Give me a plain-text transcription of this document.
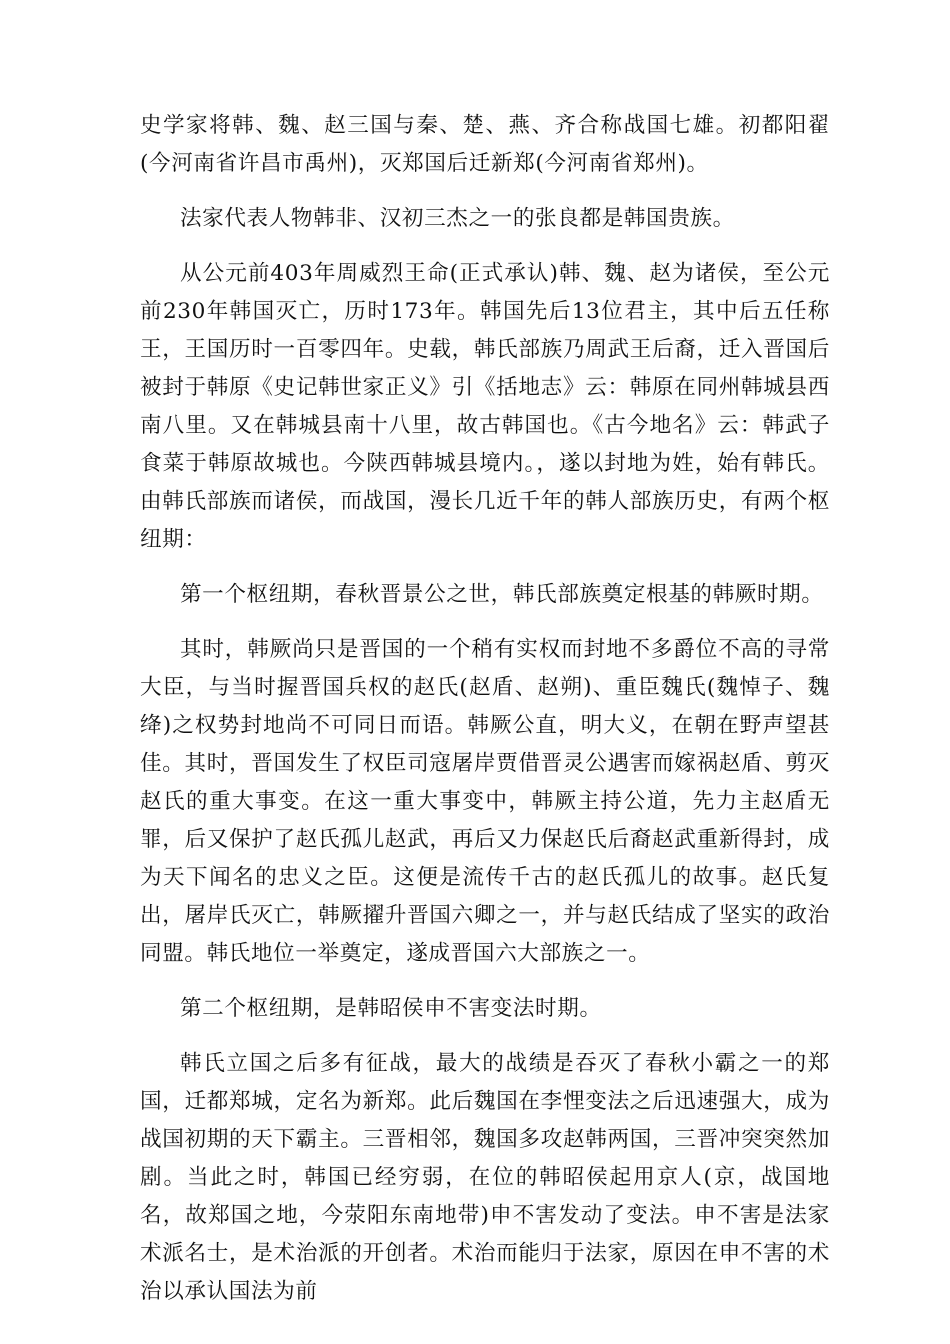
史学家将韩、魏、赵三国与秦、楚、燕、齐合称战国七雄。初都阳翟(今河南省许昌市禹州)，灭郑国后迁新郑(今河南省郑州)。

法家代表人物韩非、汉初三杰之一的张良都是韩国贵族。

从公元前403年周威烈王命(正式承认)韩、魏、赵为诸侯，至公元前230年韩国灭亡，历时173年。韩国先后13位君主，其中后五任称王，王国历时一百零四年。史载，韩氏部族乃周武王后裔，迁入晋国后被封于韩原《史记韩世家正义》引《括地志》云：韩原在同州韩城县西南八里。又在韩城县南十八里，故古韩国也。《古今地名》云：韩武子食菜于韩原故城也。今陕西韩城县境内。，遂以封地为姓，始有韩氏。由韩氏部族而诸侯，而战国，漫长几近千年的韩人部族历史，有两个枢纽期：

第一个枢纽期，春秋晋景公之世，韩氏部族奠定根基的韩厥时期。

其时，韩厥尚只是晋国的一个稍有实权而封地不多爵位不高的寻常大臣，与当时握晋国兵权的赵氏(赵盾、赵朔)、重臣魏氏(魏悼子、魏绛)之权势封地尚不可同日而语。韩厥公直，明大义，在朝在野声望甚佳。其时，晋国发生了权臣司寇屠岸贾借晋灵公遇害而嫁祸赵盾、剪灭赵氏的重大事变。在这一重大事变中，韩厥主持公道，先力主赵盾无罪，后又保护了赵氏孤儿赵武，再后又力保赵氏后裔赵武重新得封，成为天下闻名的忠义之臣。这便是流传千古的赵氏孤儿的故事。赵氏复出，屠岸氏灭亡，韩厥擢升晋国六卿之一，并与赵氏结成了坚实的政治同盟。韩氏地位一举奠定，遂成晋国六大部族之一。

第二个枢纽期，是韩昭侯申不害变法时期。

韩氏立国之后多有征战，最大的战绩是吞灭了春秋小霸之一的郑国，迁都郑城，定名为新郑。此后魏国在李悝变法之后迅速强大，成为战国初期的天下霸主。三晋相邻，魏国多攻赵韩两国，三晋冲突突然加剧。当此之时，韩国已经穷弱，在位的韩昭侯起用京人(京，战国地名，故郑国之地，今荥阳东南地带)申不害发动了变法。申不害是法家术派名士，是术治派的开创者。术治而能归于法家，原因在申不害的术治以承认国法为前
